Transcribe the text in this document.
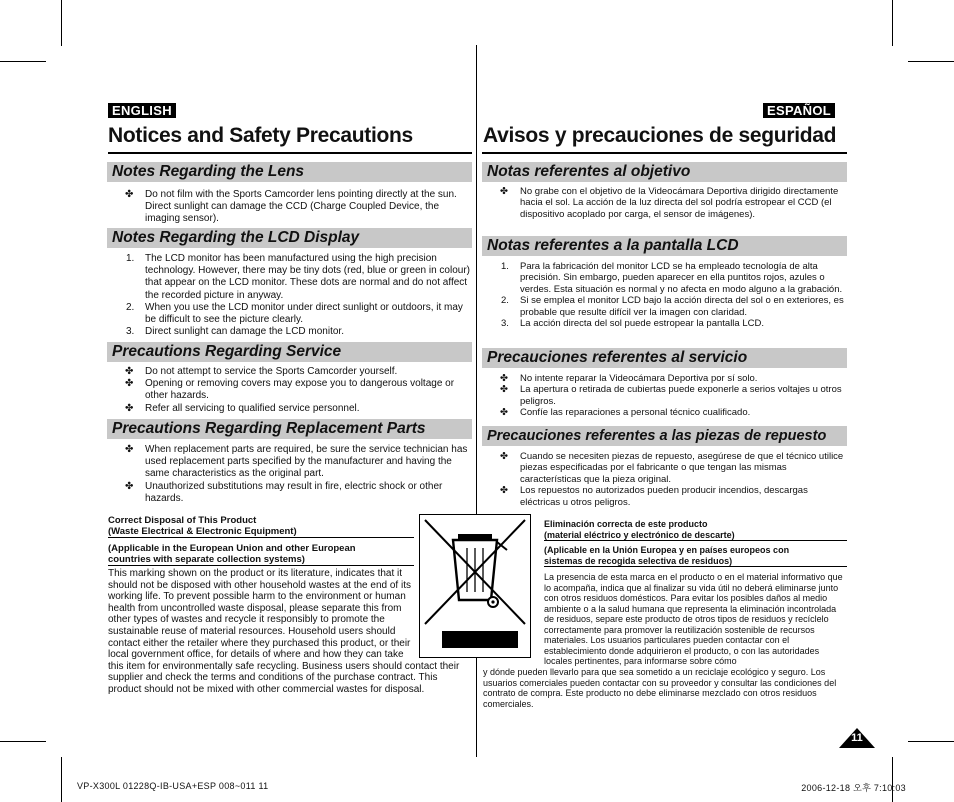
ENGLISH
Notices and Safety Precautions
Notes Regarding the Lens
✤ Do not film with the Sports Camcorder lens pointing directly at the sun. Direct sunlight can damage the CCD (Charge Coupled Device, the imaging sensor).
Notes Regarding the LCD Display
1. The LCD monitor has been manufactured using the high precision technology. However, there may be tiny dots (red, blue or green in colour) that appear on the LCD monitor. These dots are normal and do not affect the recorded picture in anyway.
2. When you use the LCD monitor under direct sunlight or outdoors, it may be difficult to see the picture clearly.
3. Direct sunlight can damage the LCD monitor.
Precautions Regarding Service
✤ Do not attempt to service the Sports Camcorder yourself.
✤ Opening or removing covers may expose you to dangerous voltage or other hazards.
✤ Refer all servicing to qualified service personnel.
Precautions Regarding Replacement Parts
✤ When replacement parts are required, be sure the service technician has used replacement parts specified by the manufacturer and having the same characteristics as the original part.
✤ Unauthorized substitutions may result in fire, electric shock or other hazards.
Correct Disposal of This Product
(Waste Electrical & Electronic Equipment)
(Applicable in the European Union and other European
countries with separate collection systems)
This marking shown on the product or its literature, indicates that it should not be disposed with other household wastes at the end of its working life. To prevent possible harm to the environment or human health from uncontrolled waste disposal, please separate this from other types of wastes and recycle it responsibly to promote the sustainable reuse of material resources. Household users should contact either the retailer where they purchased this product, or their local government office, for details of where and how they can take this item for environmentally safe recycling. Business users should contact their supplier and check the terms and conditions of the purchase contract. This product should not be mixed with other commercial wastes for disposal.
ESPAÑOL
Avisos y precauciones de seguridad
Notas referentes al objetivo
✤ No grabe con el objetivo de la Videocámara Deportiva dirigido directamente hacia el sol. La acción de la luz directa del sol podría estropear el CCD (el dispositivo acoplado por carga, el sensor de imágenes).
Notas referentes a la pantalla LCD
1. Para la fabricación del monitor LCD se ha empleado tecnología de alta precisión. Sin embargo, pueden aparecer en ella puntitos rojos, azules o verdes. Esta situación es normal y no afecta en modo alguno a la grabación.
2. Si se emplea el monitor LCD bajo la acción directa del sol o en exteriores, es probable que resulte difícil ver la imagen con claridad.
3. La acción directa del sol puede estropear la pantalla LCD.
Precauciones referentes al servicio
✤ No intente reparar la Videocámara Deportiva por sí solo.
✤ La apertura o retirada de cubiertas puede exponerle a serios voltajes u otros peligros.
✤ Confíe las reparaciones a personal técnico cualificado.
Precauciones referentes a las piezas de repuesto
✤ Cuando se necesiten piezas de repuesto, asegúrese de que el técnico utilice piezas especificadas por el fabricante o que tengan las mismas características que la pieza original.
✤ Los repuestos no autorizados pueden producir incendios, descargas eléctricas u otros peligros.
Eliminación correcta de este producto
(material eléctrico y electrónico de descarte)
(Aplicable en la Unión Europea y en países europeos con
sistemas de recogida selectiva de residuos)
La presencia de esta marca en el producto o en el material informativo que lo acompaña, indica que al finalizar su vida útil no deberá eliminarse junto con otros residuos domésticos. Para evitar los posibles daños al medio ambiente o a la salud humana que representa la eliminación incontrolada de residuos, separe este producto de otros tipos de residuos y recíclelo correctamente para promover la reutilización sostenible de recursos materiales. Los usuarios particulares pueden contactar con el establecimiento donde adquirieron el producto, o con las autoridades locales pertinentes, para informarse sobre cómo
y dónde pueden llevarlo para que sea sometido a un reciclaje ecológico y seguro. Los usuarios comerciales pueden contactar con su proveedor y consultar las condiciones del contrato de compra. Este producto no debe eliminarse mezclado con otros residuos comerciales.
11
VP-X300L 01228Q-IB-USA+ESP 008~011 11	2006-12-18 오후 7:10:03
